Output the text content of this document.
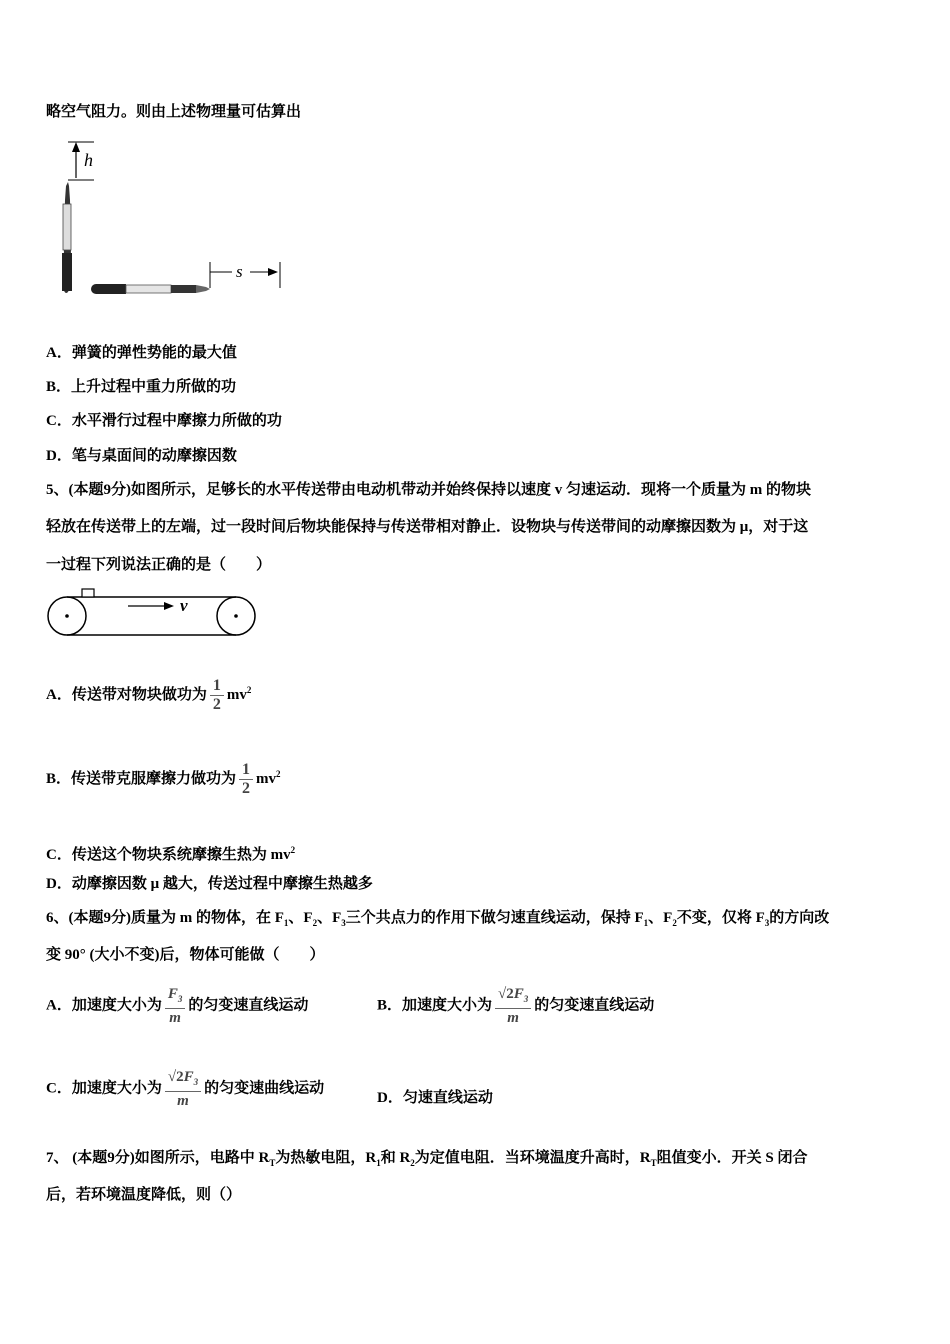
略空气阻力。则由上述物理量可估算出
h
s
A．弹簧的弹性势能的最大值
B．上升过程中重力所做的功
C．水平滑行过程中摩擦力所做的功
D．笔与桌面间的动摩擦因数
5、(本题9分)如图所示，足够长的水平传送带由电动机带动并始终保持以速度 v 匀速运动．现将一个质量为 m 的物块
轻放在传送带上的左端，过一段时间后物块能保持与传送带相对静止．设物块与传送带间的动摩擦因数为 μ，对于这
一过程下列说法正确的是（　　）
v
A．传送带对物块做功为 $\frac{1}{2} mv^2$
B．传送带克服摩擦力做功为 $\frac{1}{2} mv^2$
C．传送这个物块系统摩擦生热为 $mv^2$
D．动摩擦因数 μ 越大，传送过程中摩擦生热越多
6、(本题9分)质量为 m 的物体，在 $F_1$、$F_2$、$F_3$三个共点力的作用下做匀速直线运动，保持 $F_1$、$F_2$不变，仅将 $F_3$的方向改
变 90° (大小不变)后，物体可能做（　　）
A．加速度大小为 $\frac{F_3}{m}$ 的匀变速直线运动	B．加速度大小为 $\frac{√2F_3}{m}$ 的匀变速直线运动
C．加速度大小为 $\frac{√2F_3}{m}$ 的匀变速曲线运动
D．匀速直线运动
7、 (本题9分)如图所示，电路中 $R_T$为热敏电阻，$R_1$和 $R_2$为定值电阻．当环境温度升高时，$R_T$阻值变小．开关 S 闭合
后，若环境温度降低，则（）
